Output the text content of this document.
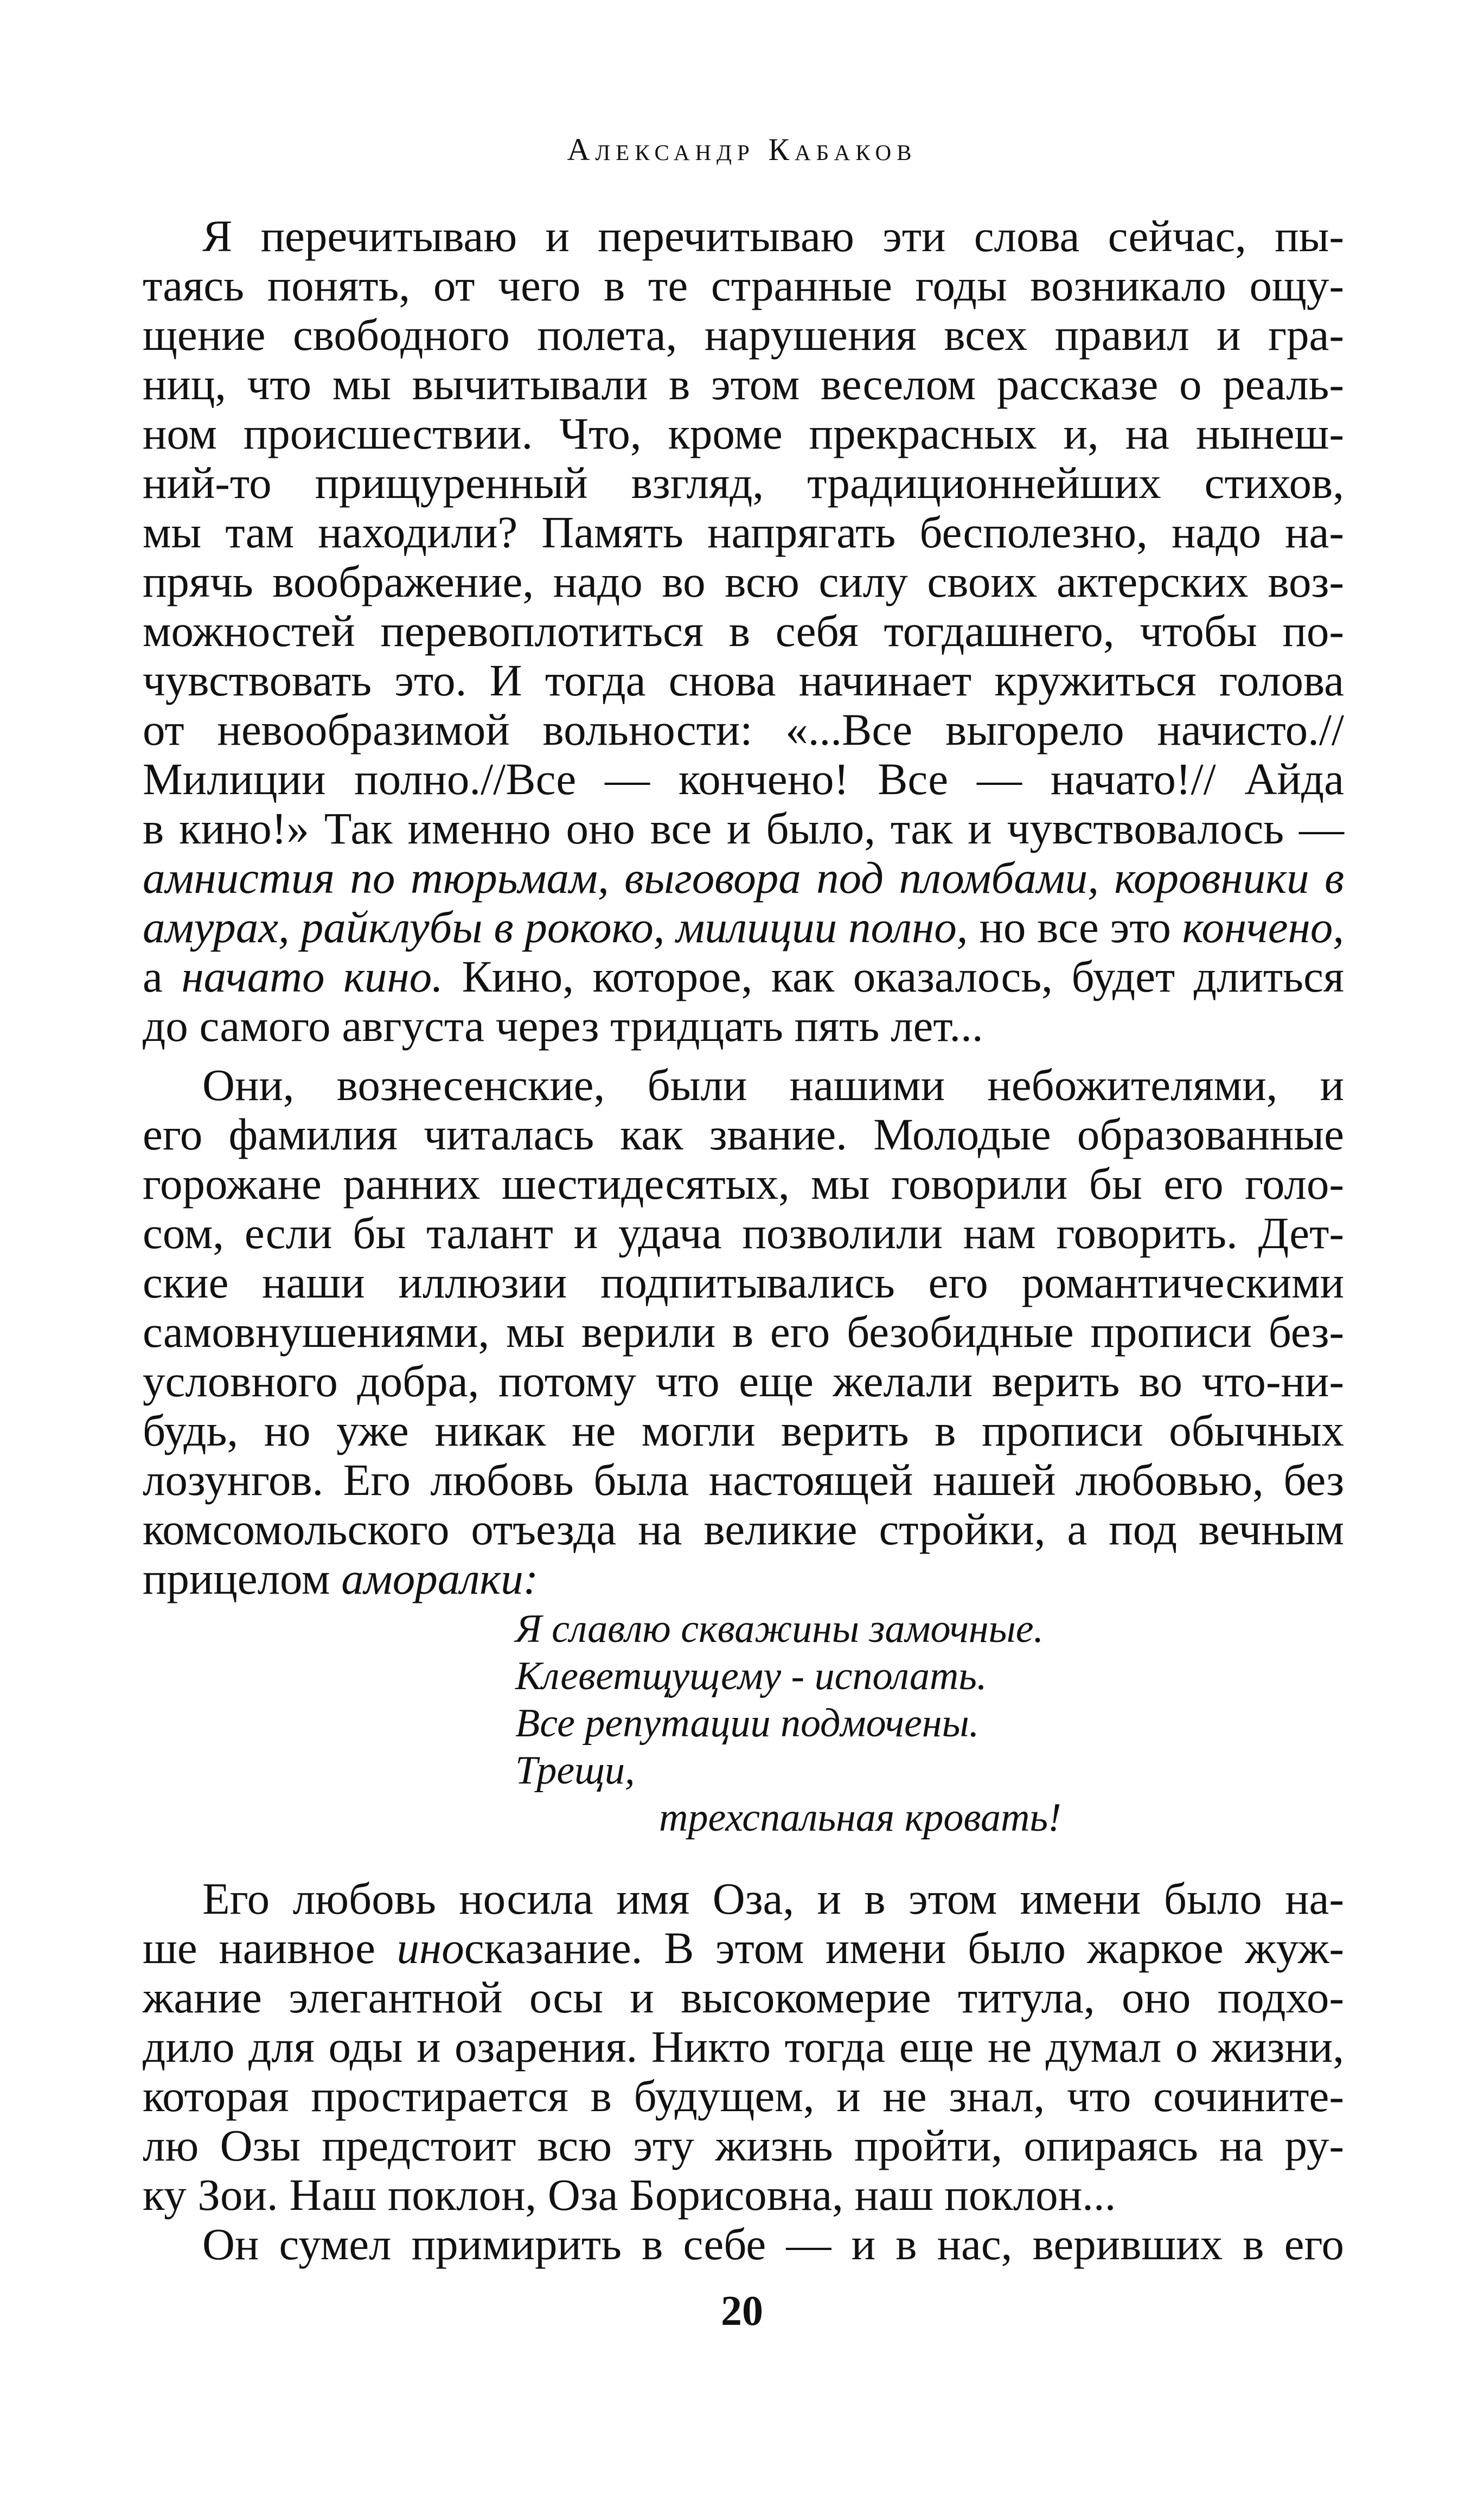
Александр Кабаков
Я перечитываю и перечитываю эти слова сейчас, пы-
таясь понять, от чего в те странные годы возникало ощу-
щение свободного полета, нарушения всех правил и гра-
ниц, что мы вычитывали в этом веселом рассказе о реаль-
ном происшествии. Что, кроме прекрасных и, на нынеш-
ний-то прищуренный взгляд, традиционнейших стихов,
мы там находили? Память напрягать бесполезно, надо на-
прячь воображение, надо во всю силу своих актерских воз-
можностей перевоплотиться в себя тогдашнего, чтобы по-
чувствовать это. И тогда снова начинает кружиться голова
от невообразимой вольности: «...Все выгорело начисто.//
Милиции полно.//Все — кончено! Все — начато!// Айда
в кино!» Так именно оно все и было, так и чувствовалось —
амнистия по тюрьмам, выговора под пломбами, коровники в
амурах, райклубы в рококо, милиции полно, но все это кончено,
а начато кино. Кино, которое, как оказалось, будет длиться
до самого августа через тридцать пять лет...
Они, вознесенские, были нашими небожителями, и
его фамилия читалась как звание. Молодые образованные
горожане ранних шестидесятых, мы говорили бы его голо-
сом, если бы талант и удача позволили нам говорить. Дет-
ские наши иллюзии подпитывались его романтическими
самовнушениями, мы верили в его безобидные прописи без-
условного добра, потому что еще желали верить во что-ни-
будь, но уже никак не могли верить в прописи обычных
лозунгов. Его любовь была настоящей нашей любовью, без
комсомольского отъезда на великие стройки, а под вечным
прицелом аморалки:
Я славлю скважины замочные.
Клеветщущему - исполать.
Все репутации подмочены.
Трещи,
трехспальная кровать!
Его любовь носила имя Оза, и в этом имени было на-
ше наивное иносказание. В этом имени было жаркое жуж-
жание элегантной осы и высокомерие титула, оно подхо-
дило для оды и озарения. Никто тогда еще не думал о жизни,
которая простирается в будущем, и не знал, что сочините-
лю Озы предстоит всю эту жизнь пройти, опираясь на ру-
ку Зои. Наш поклон, Оза Борисовна, наш поклон...
Он сумел примирить в себе — и в нас, веривших в его
20
